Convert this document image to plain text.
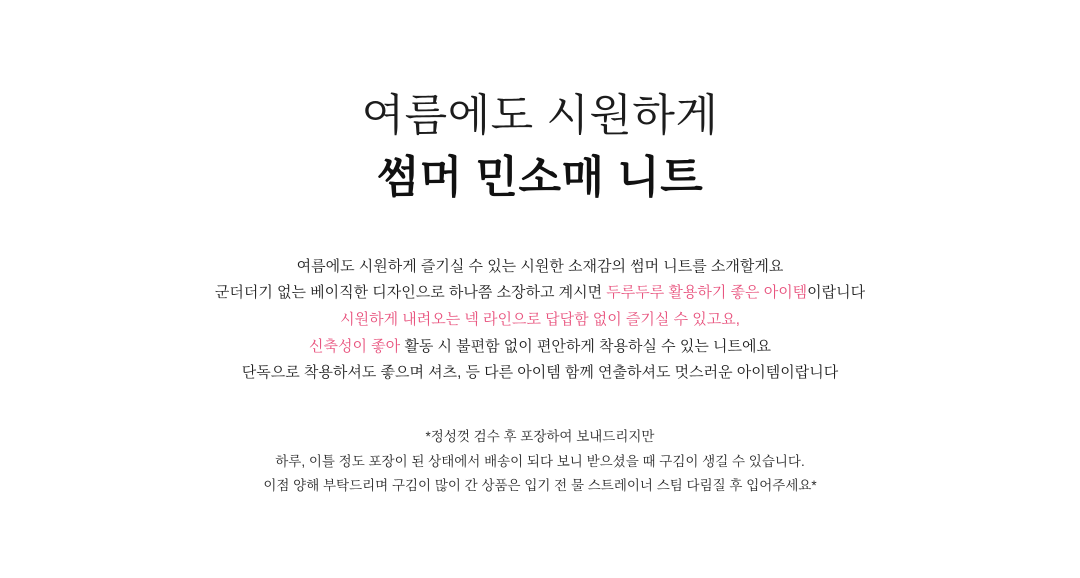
여름에도 시원하게
썸머 민소매 니트
여름에도 시원하게 즐기실 수 있는 시원한 소재감의 썸머 니트를 소개할게요
군더더기 없는 베이직한 디자인으로 하나쯤 소장하고 계시면 두루두루 활용하기 좋은 아이템이랍니다
시원하게 내려오는 넥 라인으로 답답함 없이 즐기실 수 있고요,
신축성이 좋아 활동 시 불편함 없이 편안하게 착용하실 수 있는 니트에요
단독으로 착용하셔도 좋으며 셔츠, 등 다른 아이템 함께 연출하셔도 멋스러운 아이템이랍니다
*정성껏 검수 후 포장하여 보내드리지만
하루, 이틀 정도 포장이 된 상태에서 배송이 되다 보니 받으셨을 때 구김이 생길 수 있습니다.
이점 양해 부탁드리며 구김이 많이 간 상품은 입기 전 물 스트레이너 스팀 다림질 후 입어주세요*
